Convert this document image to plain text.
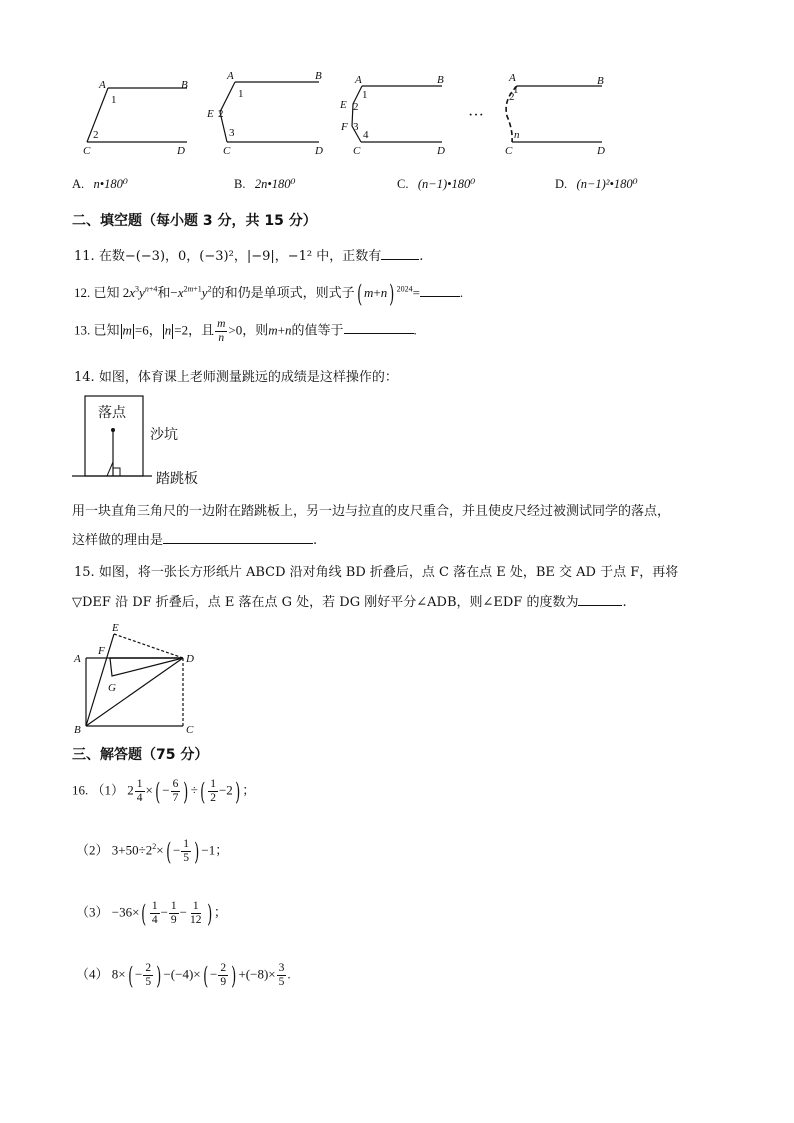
A	B
C	D
1
2
A	B
C	D
E
1
2
3
A	B
C	D
E
F
1
2
3
4
···
A	B
C	D
1
2
n
A. n•180⁰	B. 2n•180⁰	C. (n−1)•180⁰	D. (n−1)²•180⁰
二、填空题（每小题 3 分，共 15 分）
11. 在数−(−3)，0，(−3)²，|−9|，−1² 中，正数有	.
12. 已知 $2x^3y^{n+4}$和$-x^{2m+1}y^2$的和仍是单项式，则式子( m+n) $^{2024}$=	.
13. 已知 m =6， n =2，且 $\frac{m}{n} >0$，则m+n的值等于	.
14. 如图，体育课上老师测量跳远的成绩是这样操作的：
落点
沙坑
踏跳板
用一块直角三角尺的一边附在踏跳板上，另一边与拉直的皮尺重合，并且使皮尺经过被测试同学的落点，
这样做的理由是	.
15. 如图，将一张长方形纸片 ABCD 沿对角线 BD 折叠后，点 C 落在点 E 处，BE 交 AD 于点 F，再将
▽DEF 沿 DF 折叠后，点 E 落在点 G 处，若 DG 刚好平分∠ADB，则∠EDF 的度数为	.
E
A
F
D
G
B	C
三、解答题（75 分）
16. （1） $2 \frac{1}{4}$ ×( − $\frac{6}{7}$ ) ÷( $\frac{1}{2} -2$) ；
（2） $3+50\div 2^2\times( - \frac{1}{5}$ ) −1；
$(3) -36\times( \frac{1}{4} - \frac{1}{9} - \frac{1}{12}$ ) ；
（4） $8\times( - \frac{2}{5}$ ) $-(-4)\times( - \frac{2}{9}$ ) $+(-8)\times \frac{3}{5}$ .
